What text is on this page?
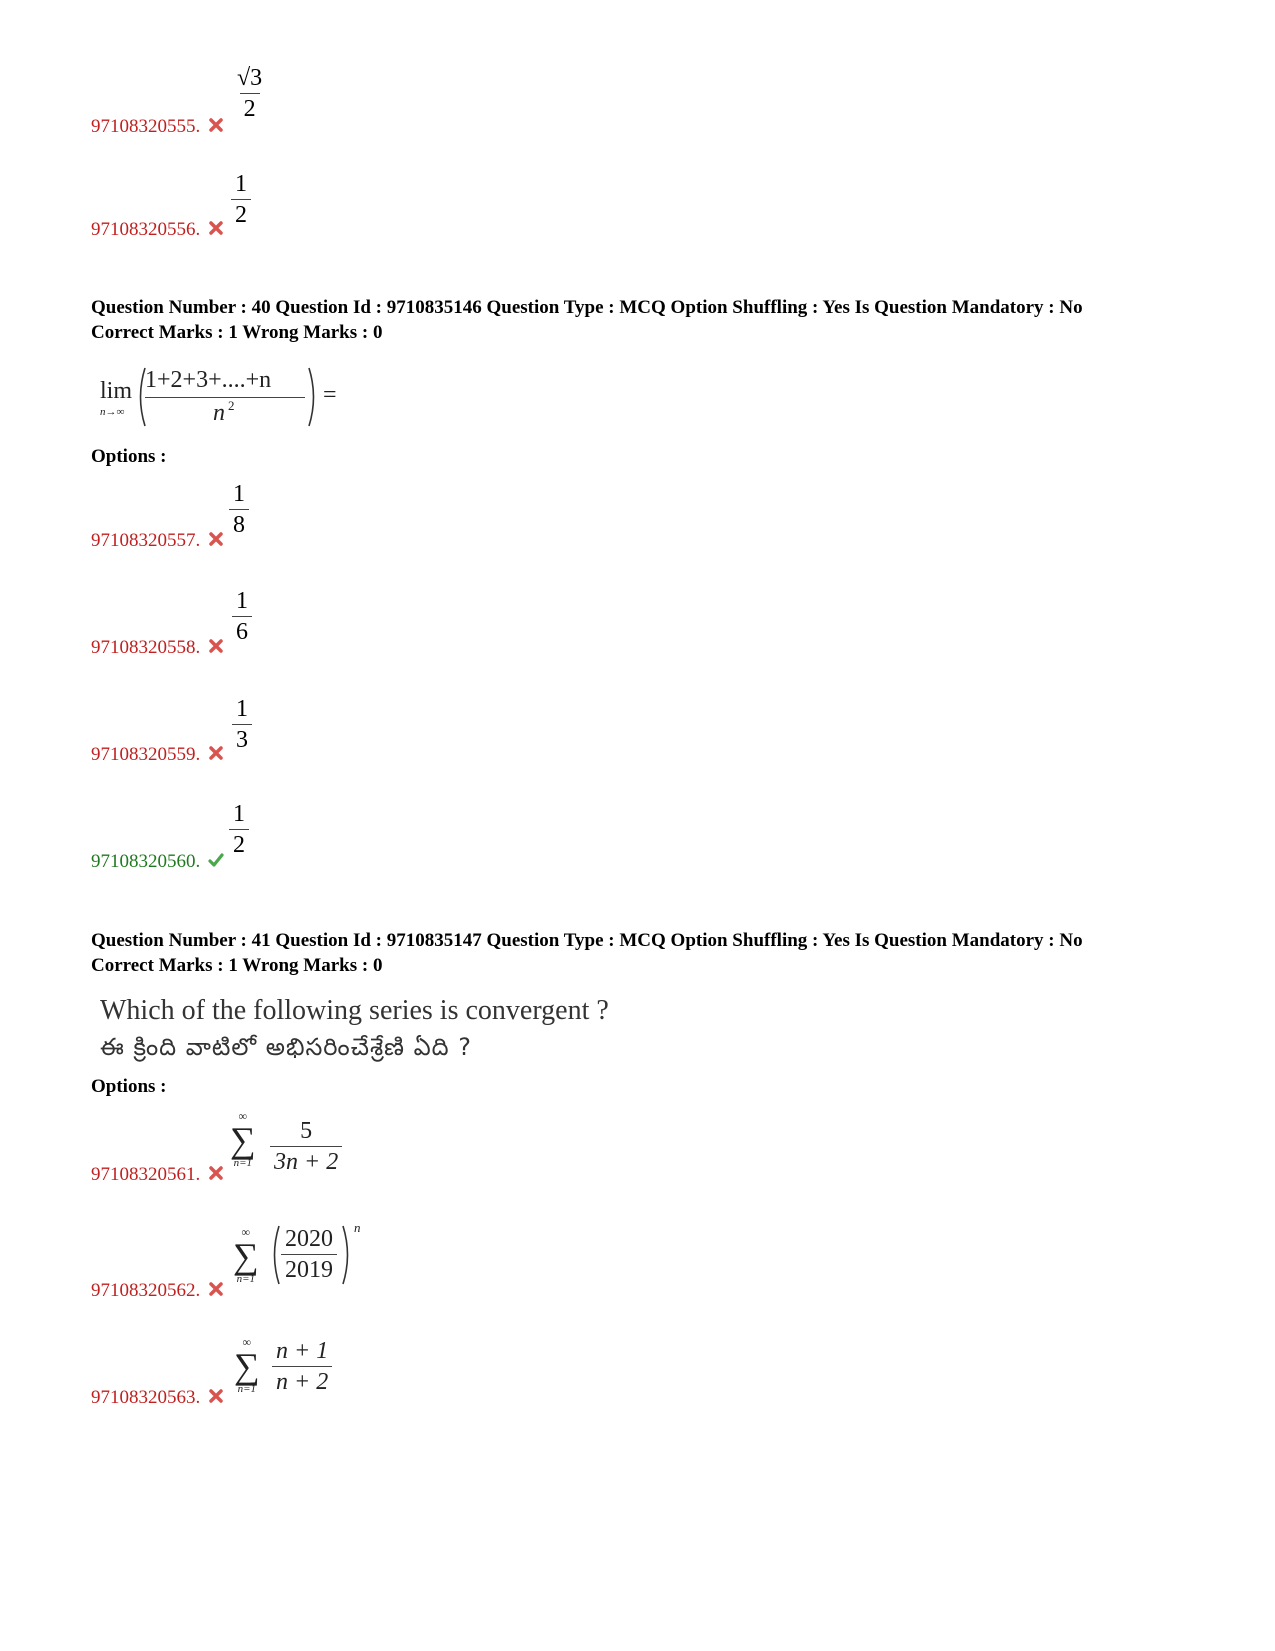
$\frac{√3}{2}$
97108320555.
$\frac{1}{2}$
97108320556.
Question Number : 40 Question Id : 9710835146 Question Type : MCQ Option Shuffling : Yes Is Question Mandatory : No
Correct Marks : 1 Wrong Marks : 0
lim
n→∞
1+2+3+....+n
n 2	=
Options :
$\frac{1}{8}$
97108320557.
$\frac{1}{6}$
97108320558.
$\frac{1}{3}$
97108320559.
$\frac{1}{2}$
97108320560.
Question Number : 41 Question Id : 9710835147 Question Type : MCQ Option Shuffling : Yes Is Question Mandatory : No
Correct Marks : 1 Wrong Marks : 0
Which of the following series is convergent ?
ఈ క్రింది వాటిలో అభిసరించేశ్రేణి ఏది ?
Options :
∞
∑
$n=1 \frac{5}{3n + 2}$
97108320561.
∞
∑
$n=1 \frac{2020}{2019}$ n
97108320562.
∞
∑
$n=1 \frac{n + 1}{n + 2}$
97108320563.
